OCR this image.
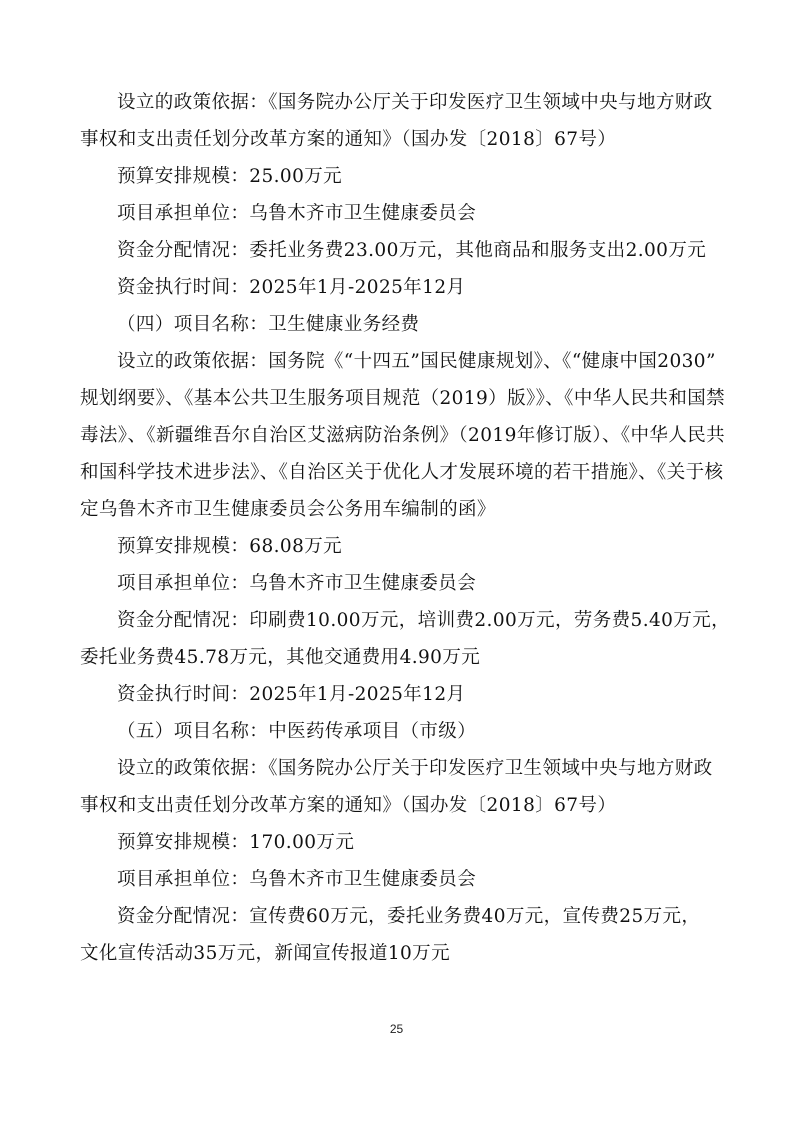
设立的政策依据：《国务院办公厅关于印发医疗卫生领域中央与地方财政
事权和支出责任划分改革方案的通知》（国办发〔2018〕67号）
预算安排规模：25.00万元
项目承担单位：乌鲁木齐市卫生健康委员会
资金分配情况：委托业务费23.00万元，其他商品和服务支出2.00万元
资金执行时间：2025年1月-2025年12月
（四）项目名称：卫生健康业务经费
设立的政策依据：国务院《“十四五”国民健康规划》、《“健康中国2030”
规划纲要》、《基本公共卫生服务项目规范（2019）版》》、《中华人民共和国禁
毒法》、《新疆维吾尔自治区艾滋病防治条例》（2019年修订版）、《中华人民共
和国科学技术进步法》、《自治区关于优化人才发展环境的若干措施》、《关于核
定乌鲁木齐市卫生健康委员会公务用车编制的函》
预算安排规模：68.08万元
项目承担单位：乌鲁木齐市卫生健康委员会
资金分配情况：印刷费10.00万元，培训费2.00万元，劳务费5.40万元，
委托业务费45.78万元，其他交通费用4.90万元
资金执行时间：2025年1月-2025年12月
（五）项目名称：中医药传承项目（市级）
设立的政策依据：《国务院办公厅关于印发医疗卫生领域中央与地方财政
事权和支出责任划分改革方案的通知》（国办发〔2018〕67号）
预算安排规模：170.00万元
项目承担单位：乌鲁木齐市卫生健康委员会
资金分配情况：宣传费60万元，委托业务费40万元，宣传费25万元，
文化宣传活动35万元，新闻宣传报道10万元
25
